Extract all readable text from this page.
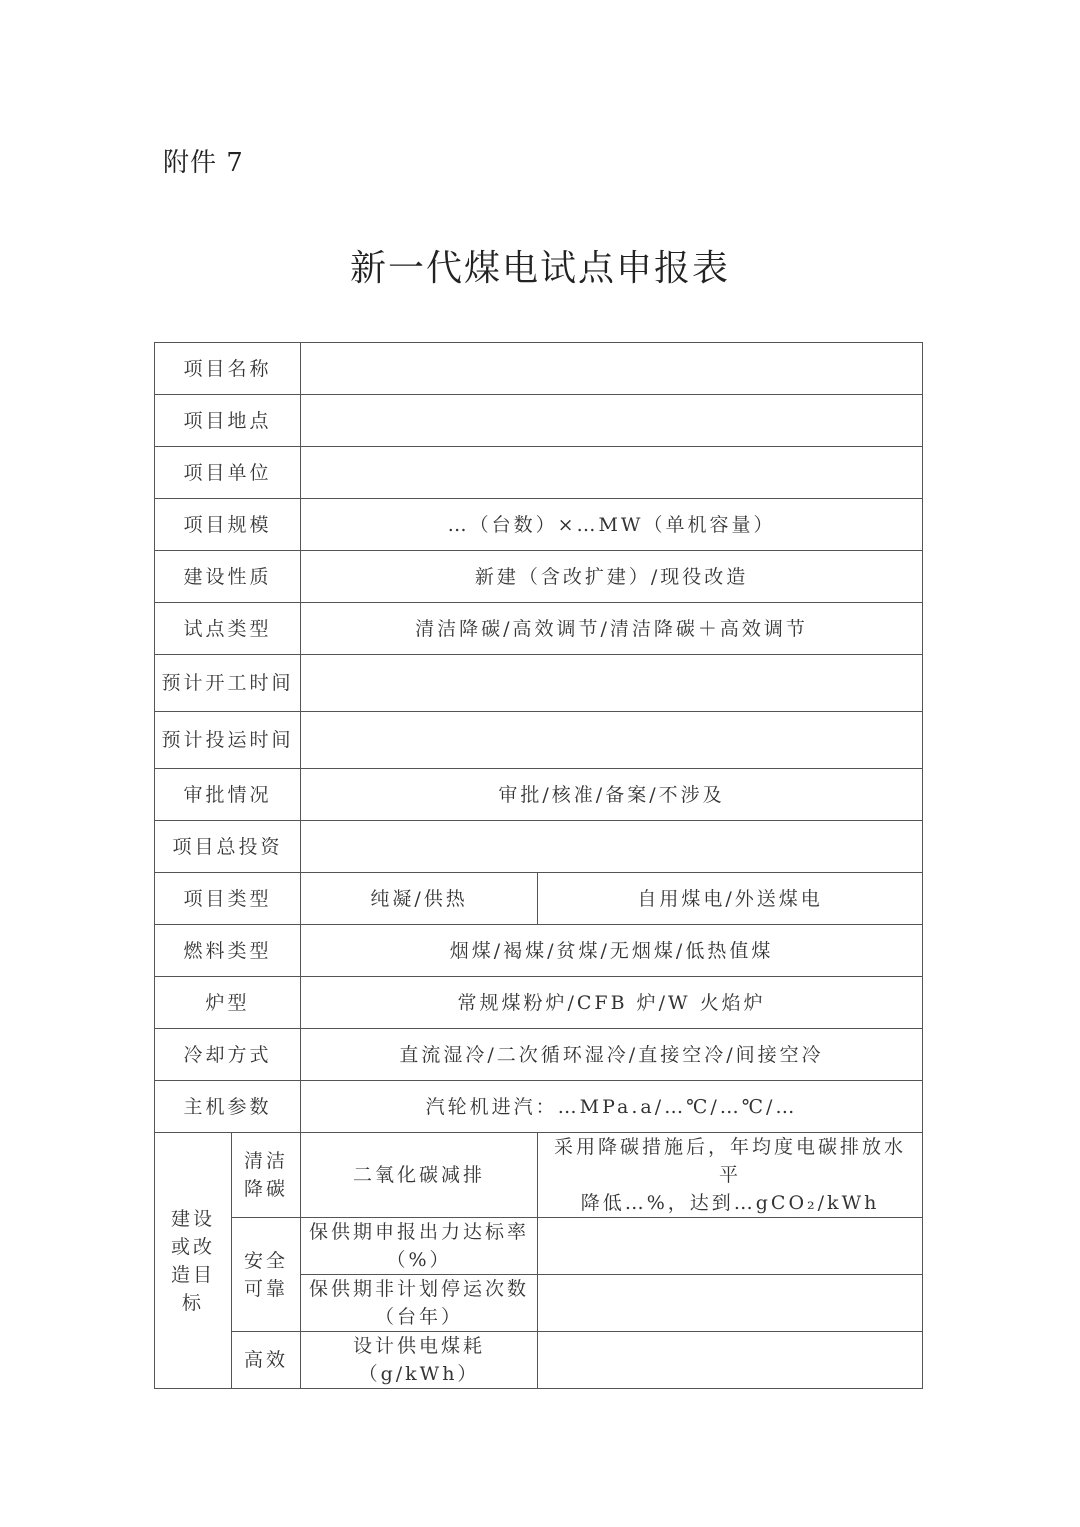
附件 7
新一代煤电试点申报表
项目名称			
项目地点			
项目单位			
项目规模		…（台数）×…MW（单机容量）	
建设性质		新建（含改扩建）/现役改造	
试点类型		清洁降碳/高效调节/清洁降碳＋高效调节	
预计开工时间			
预计投运时间			
审批情况		审批/核准/备案/不涉及	
项目总投资			
项目类型		纯凝/供热	自用煤电/外送煤电
燃料类型		烟煤/褐煤/贫煤/无烟煤/低热值煤	
炉型		常规煤粉炉/CFB 炉/W 火焰炉	
冷却方式		直流湿冷/二次循环湿冷/直接空冷/间接空冷	
主机参数		汽轮机进汽：…MPa.a/…℃/…℃/…	
建设或改造目标	清洁降碳	二氧化碳减排	采用降碳措施后，年均度电碳排放水平
降低…%，达到…gCO₂/kWh

	安全可靠	保供期申报出力达标率（%）	
		保供期非计划停运次数（台年）	
	高效	设计供电煤耗（g/kWh）	
